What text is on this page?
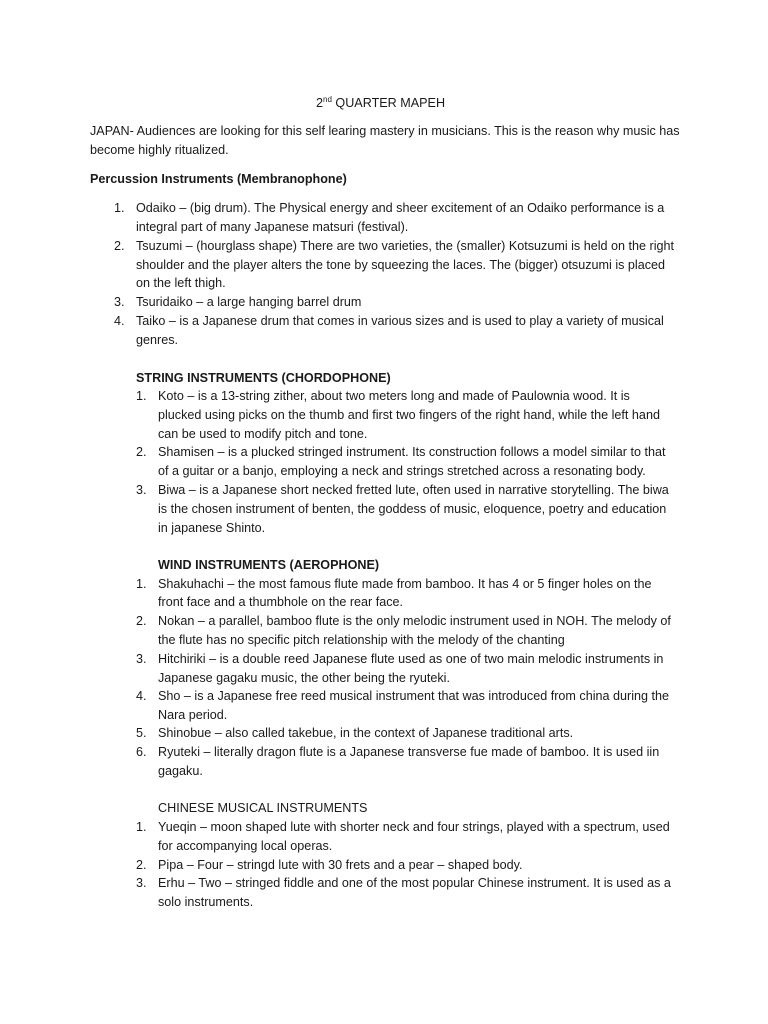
2nd QUARTER MAPEH
JAPAN- Audiences are looking for this self learing mastery in musicians. This is the reason why music has
become highly ritualized.
Percussion Instruments (Membranophone)
1. Odaiko – (big drum). The Physical energy and sheer excitement of an Odaiko performance is a
integral part of many Japanese matsuri (festival).
2. Tsuzumi – (hourglass shape) There are two varieties, the (smaller) Kotsuzumi is held on the right
shoulder and the player alters the tone by squeezing the laces. The (bigger) otsuzumi is placed
on the left thigh.
3. Tsuridaiko – a large hanging barrel drum
4. Taiko – is a Japanese drum that comes in various sizes and is used to play a variety of musical
genres.
STRING INSTRUMENTS (CHORDOPHONE)
1. Koto – is a 13-string zither, about two meters long and made of Paulownia wood. It is
plucked using picks on the thumb and first two fingers of the right hand, while the left hand
can be used to modify pitch and tone.
2. Shamisen – is a plucked stringed instrument. Its construction follows a model similar to that
of a guitar or a banjo, employing a neck and strings stretched across a resonating body.
3. Biwa – is a Japanese short necked fretted lute, often used in narrative storytelling. The biwa
is the chosen instrument of benten, the goddess of music, eloquence, poetry and education
in japanese Shinto.
WIND INSTRUMENTS (AEROPHONE)
1. Shakuhachi – the most famous flute made from bamboo. It has 4 or 5 finger holes on the
front face and a thumbhole on the rear face.
2. Nokan – a parallel, bamboo flute is the only melodic instrument used in NOH. The melody of
the flute has no specific pitch relationship with the melody of the chanting
3. Hitchiriki – is a double reed Japanese flute used as one of two main melodic instruments in
Japanese gagaku music, the other being the ryuteki.
4. Sho – is a Japanese free reed musical instrument that was introduced from china during the
Nara period.
5. Shinobue – also called takebue, in the context of Japanese traditional arts.
6. Ryuteki – literally dragon flute is a Japanese transverse fue made of bamboo. It is used iin
gagaku.
CHINESE MUSICAL INSTRUMENTS
1. Yueqin – moon shaped lute with shorter neck and four strings, played with a spectrum, used
for accompanying local operas.
2. Pipa – Four – stringd lute with 30 frets and a pear – shaped body.
3. Erhu – Two – stringed fiddle and one of the most popular Chinese instrument. It is used as a
solo instruments.
